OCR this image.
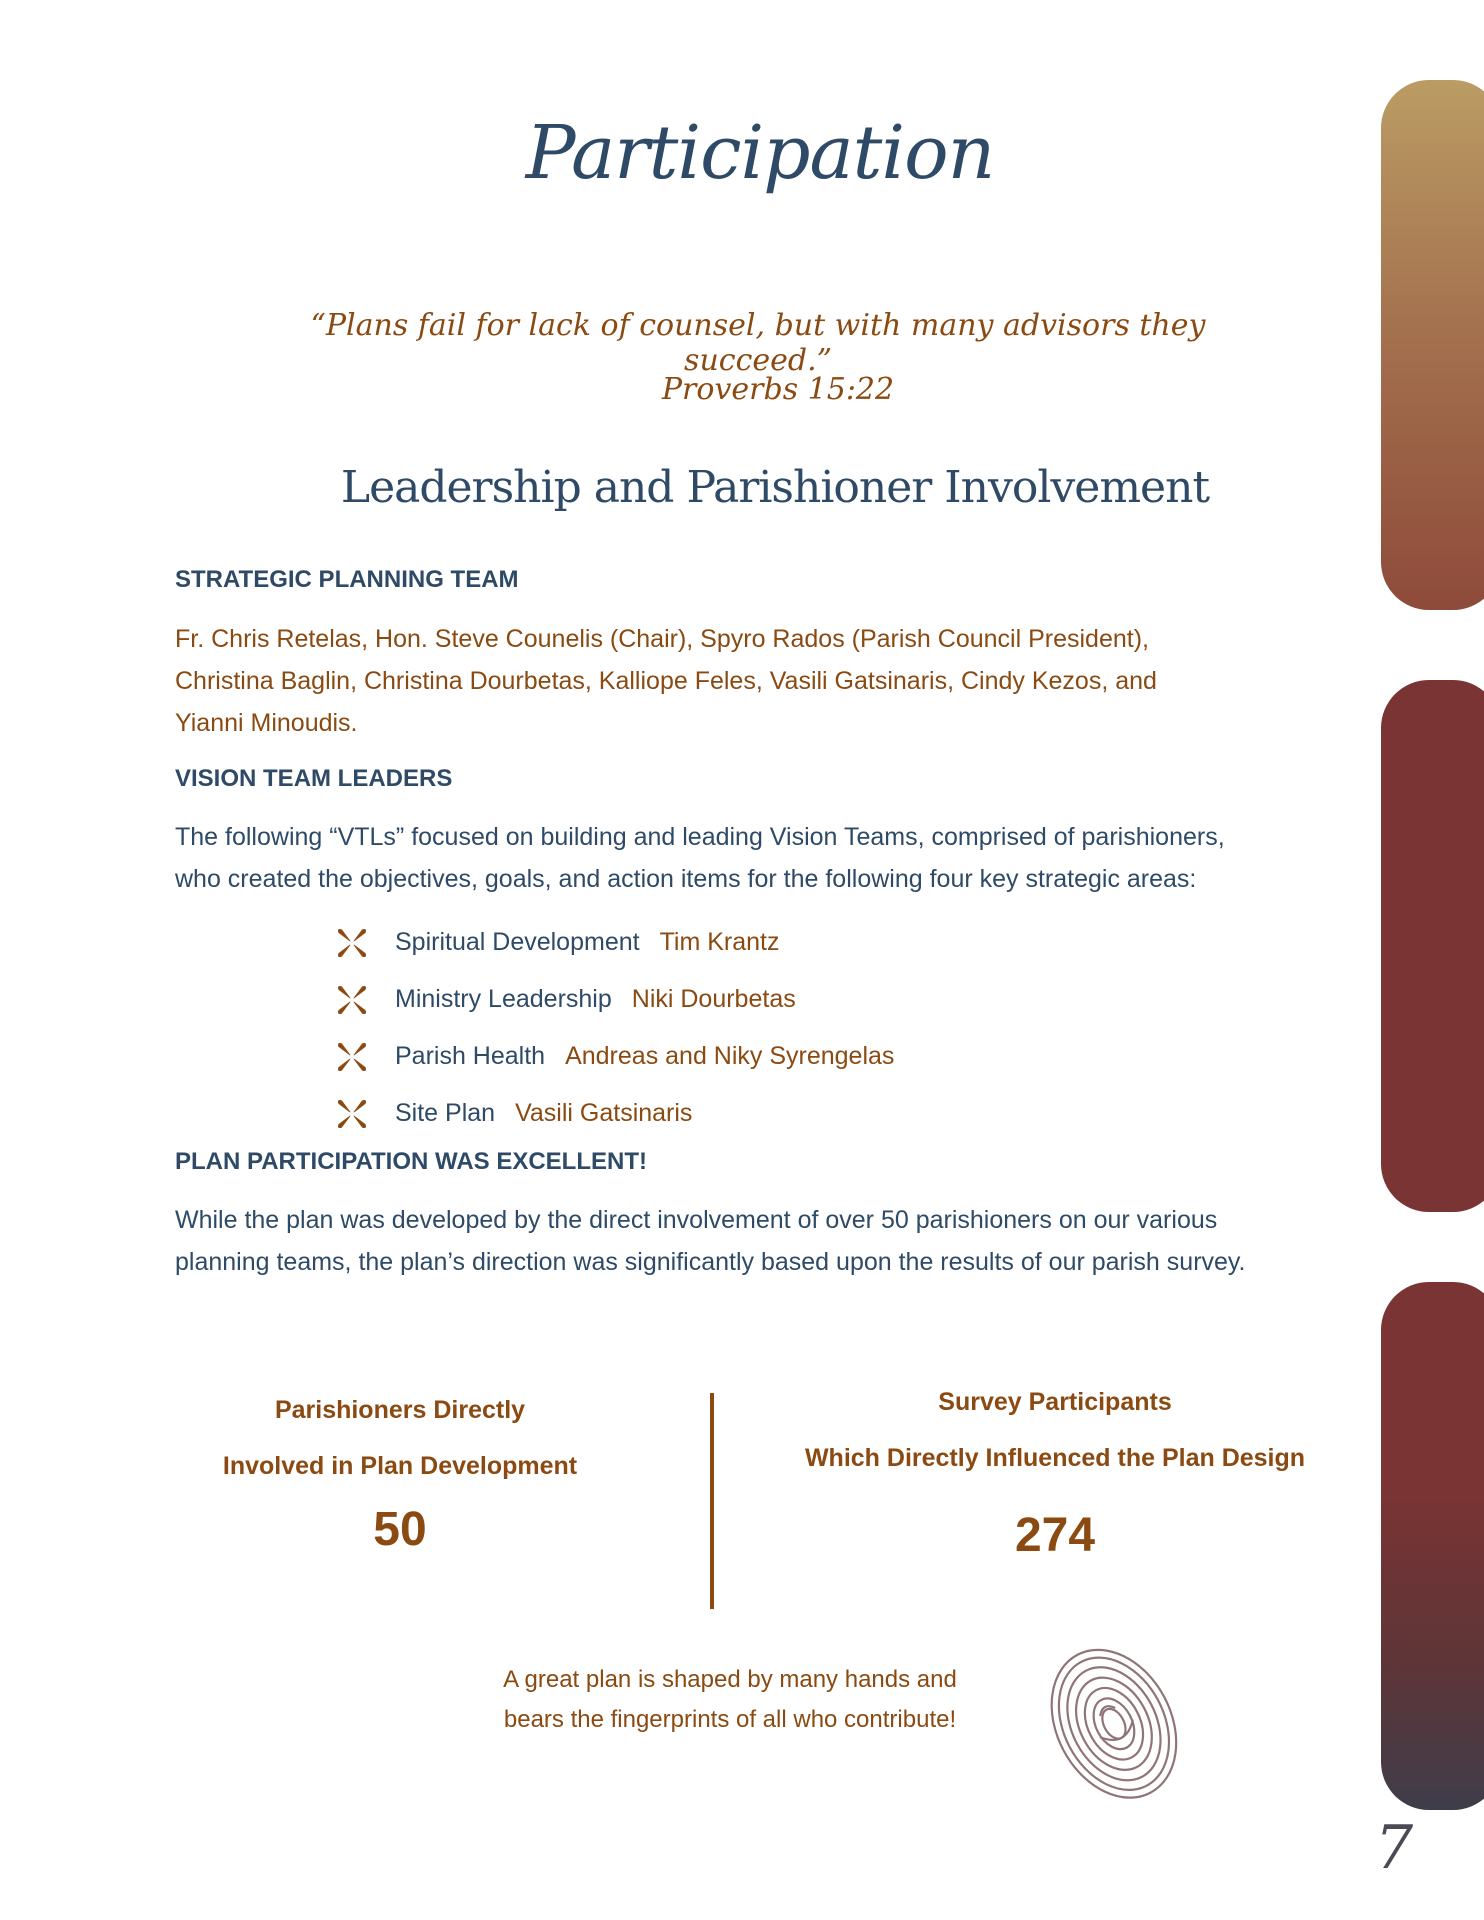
Participation
“Plans fail for lack of counsel, but with many advisors they succeed.”
Proverbs 15:22
Leadership and Parishioner Involvement
STRATEGIC PLANNING TEAM
Fr. Chris Retelas, Hon. Steve Counelis (Chair), Spyro Rados (Parish Council President),
Christina Baglin, Christina Dourbetas, Kalliope Feles, Vasili Gatsinaris, Cindy Kezos, and
Yianni Minoudis.
VISION TEAM LEADERS
The following “VTLs” focused on building and leading Vision Teams, comprised of parishioners,
who created the objectives, goals, and action items for the following four key strategic areas:
Spiritual Development Tim Krantz
Ministry Leadership Niki Dourbetas
Parish Health Andreas and Niky Syrengelas
Site Plan Vasili Gatsinaris
PLAN PARTICIPATION WAS EXCELLENT!
While the plan was developed by the direct involvement of over 50 parishioners on our various
planning teams, the plan’s direction was significantly based upon the results of our parish survey.
Parishioners Directly
Involved in Plan Development
50
Survey Participants
Which Directly Influenced the Plan Design
274
A great plan is shaped by many hands and
bears the fingerprints of all who contribute!
7
